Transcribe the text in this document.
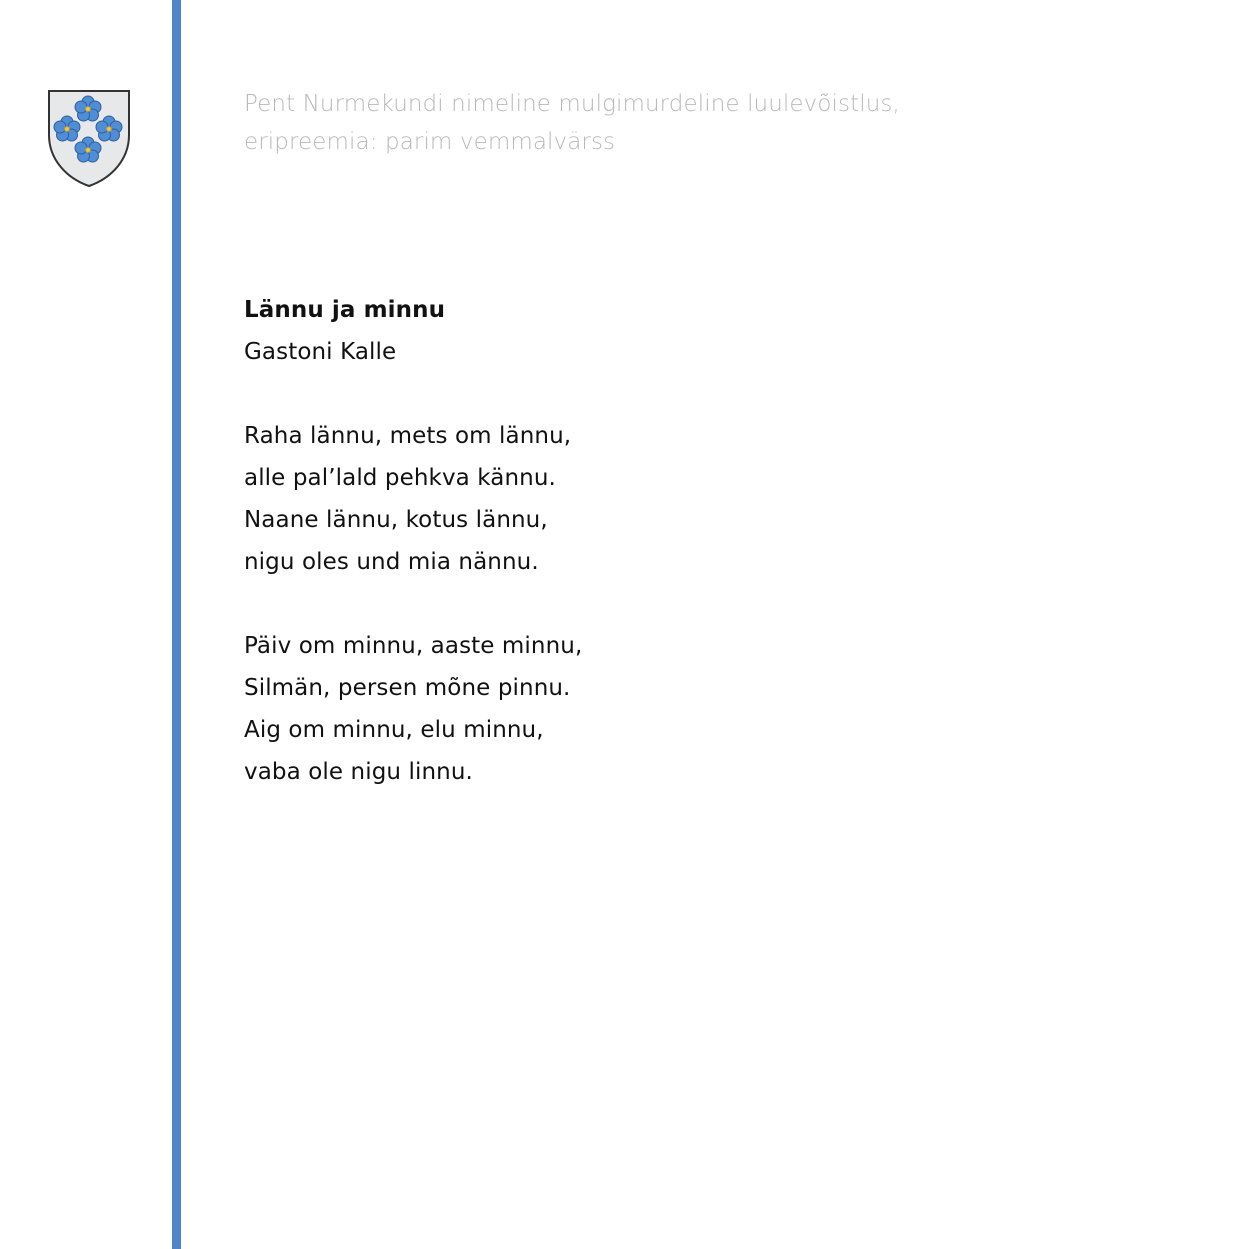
Pent Nurmekundi nimeline mulgimurdeline luulevõistlus,
eripreemia: parim vemmalvärss
Lännu ja minnu
Gastoni Kalle
Raha lännu, mets om lännu,
alle pal’lald pehkva kännu.
Naane lännu, kotus lännu,
nigu oles und mia nännu.
Päiv om minnu, aaste minnu,
Silmän, persen mõne pinnu.
Aig om minnu, elu minnu,
vaba ole nigu linnu.
